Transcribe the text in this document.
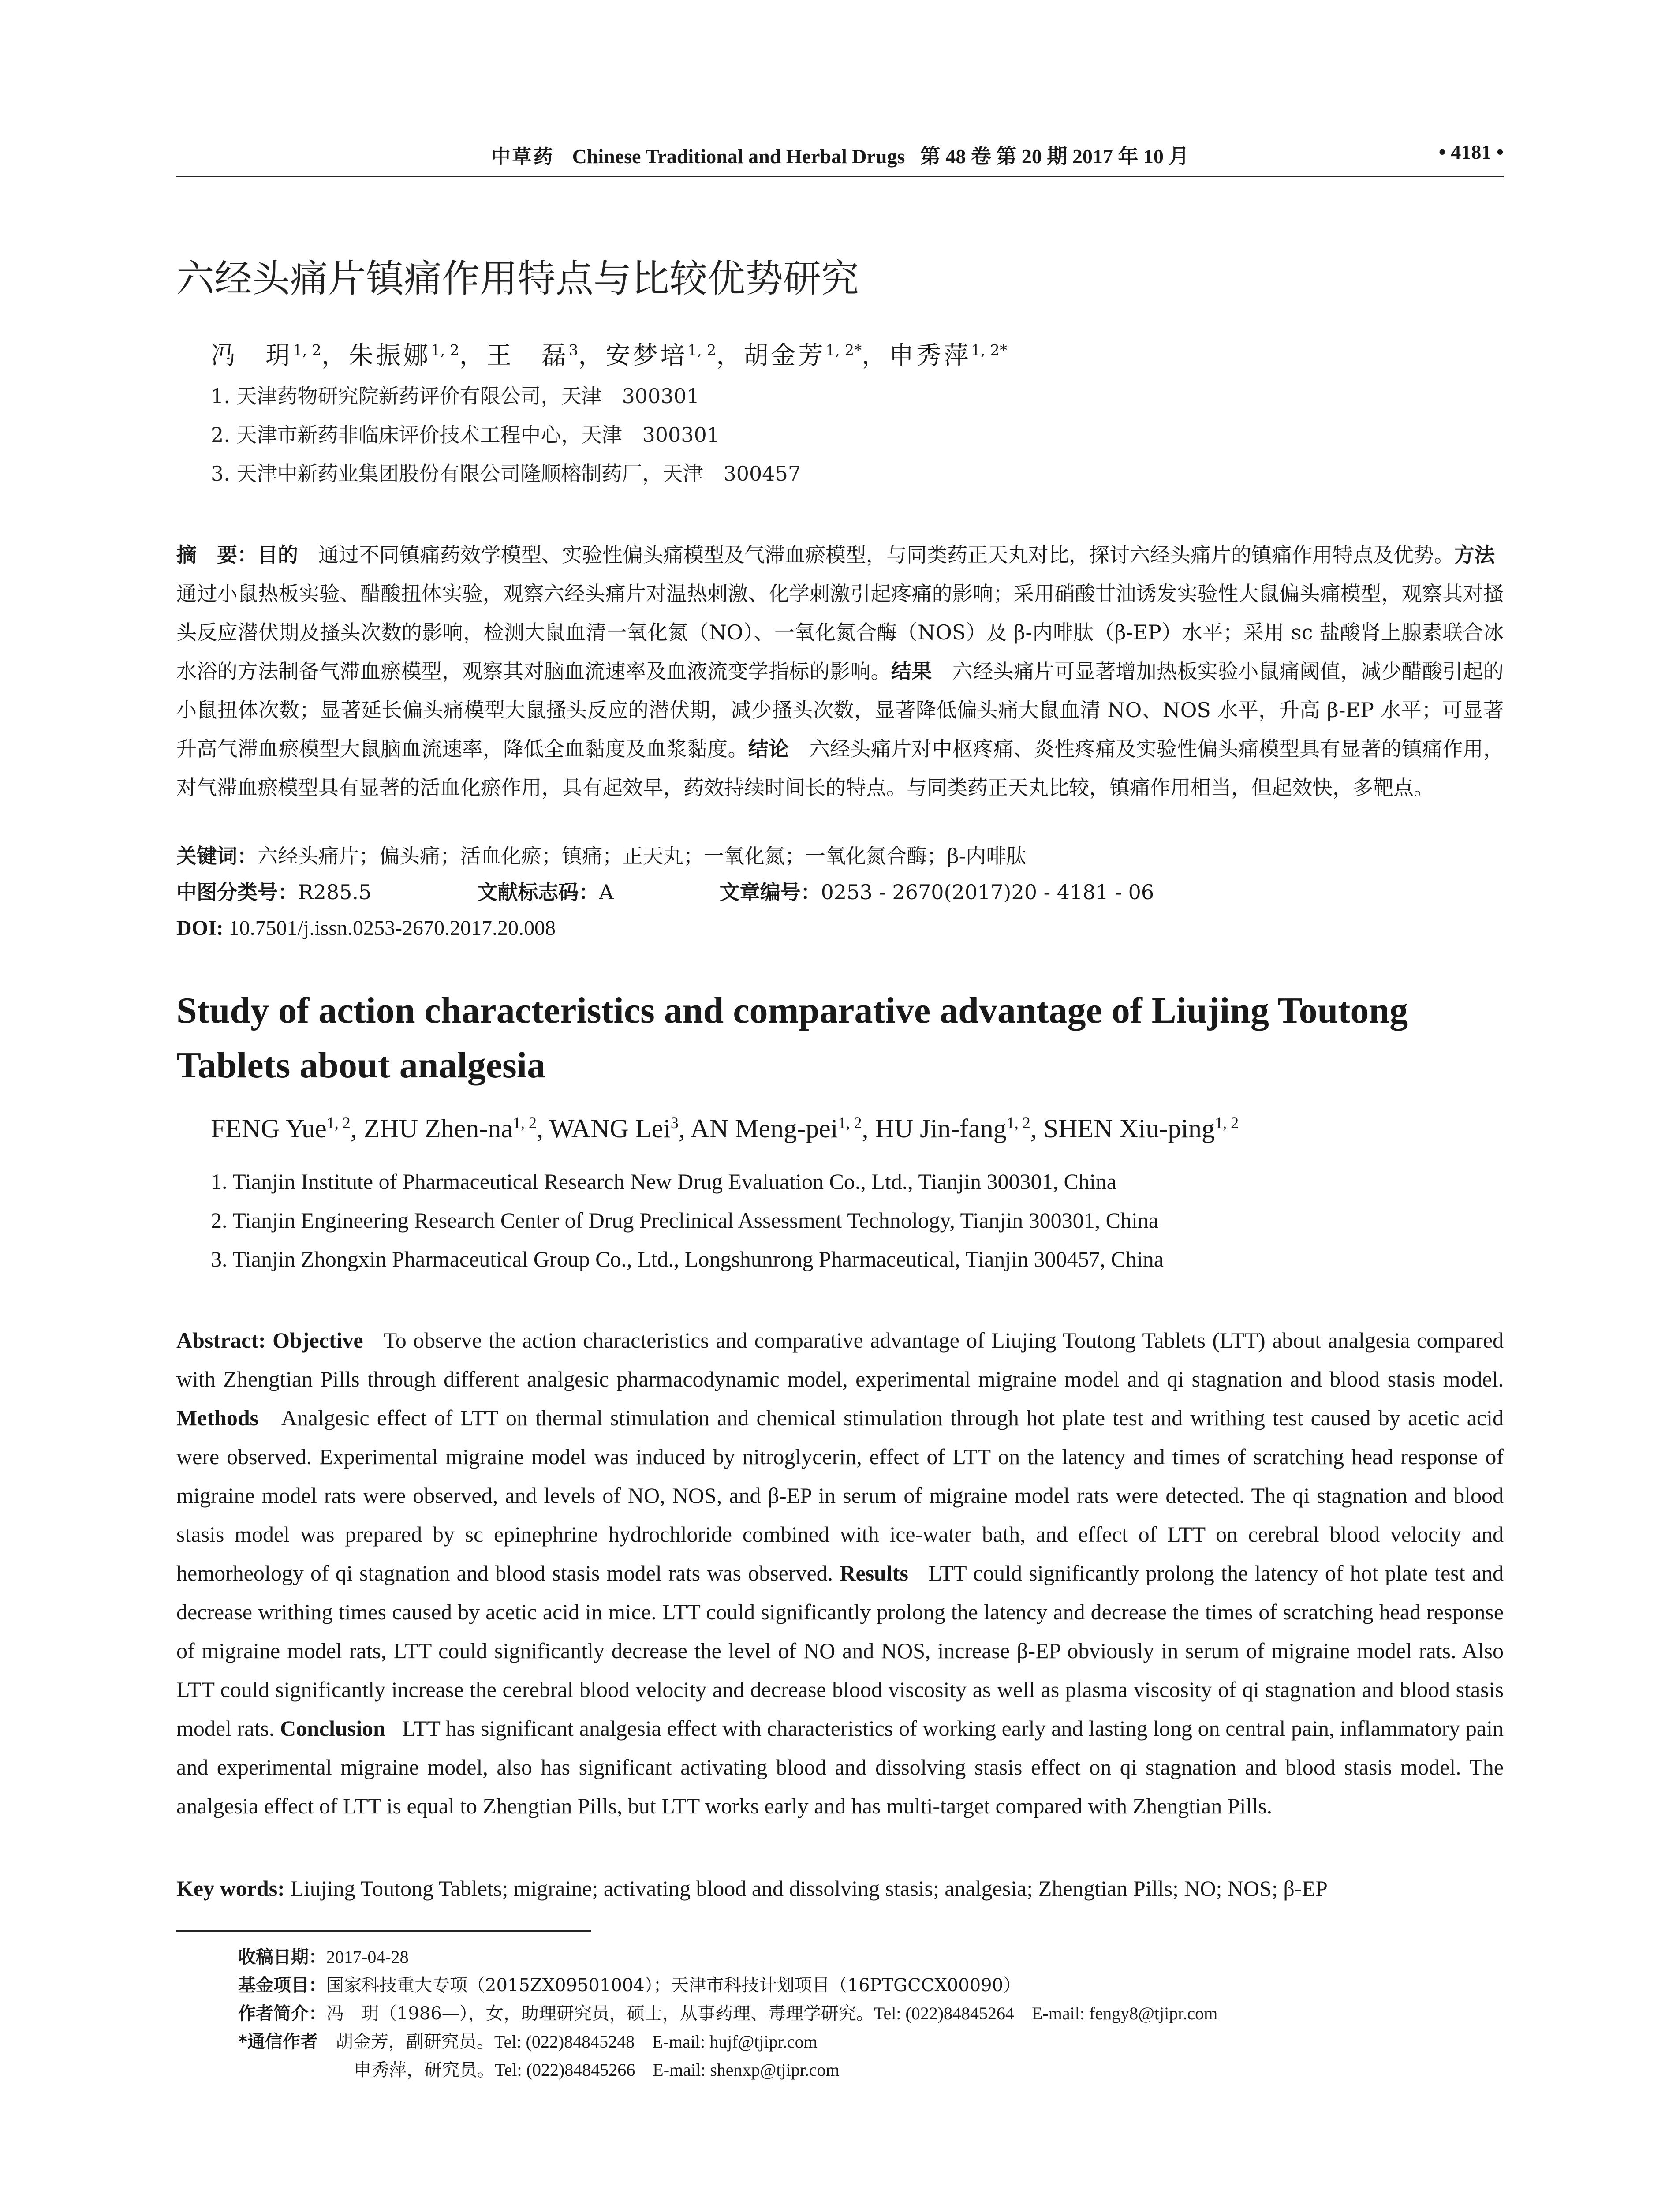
中草药 Chinese Traditional and Herbal Drugs 第 48 卷 第 20 期 2017 年 10 月	• 4181 •
六经头痛片镇痛作用特点与比较优势研究
冯　玥$^{1, 2}$，朱振娜$^{1, 2}$，王　磊$^3$，安梦培$^{1, 2}$，胡金芳$^{1, 2*}$，申秀萍$^{1, 2*}$
1. 天津药物研究院新药评价有限公司，天津　300301
2. 天津市新药非临床评价技术工程中心，天津　300301
3. 天津中新药业集团股份有限公司隆顺榕制药厂，天津　300457
摘　要：目的　通过不同镇痛药效学模型、实验性偏头痛模型及气滞血瘀模型，与同类药正天丸对比，探讨六经头痛片的镇痛作用特点及优势。方法　通过小鼠热板实验、醋酸扭体实验，观察六经头痛片对温热刺激、化学刺激引起疼痛的影响；采用硝酸甘油诱发实验性大鼠偏头痛模型，观察其对搔头反应潜伏期及搔头次数的影响，检测大鼠血清一氧化氮（NO）、一氧化氮合酶（NOS）及 β-内啡肽（β-EP）水平；采用 sc 盐酸肾上腺素联合冰水浴的方法制备气滞血瘀模型，观察其对脑血流速率及血液流变学指标的影响。结果　六经头痛片可显著增加热板实验小鼠痛阈值，减少醋酸引起的小鼠扭体次数；显著延长偏头痛模型大鼠搔头反应的潜伏期，减少搔头次数，显著降低偏头痛大鼠血清 NO、NOS 水平，升高 β-EP 水平；可显著升高气滞血瘀模型大鼠脑血流速率，降低全血黏度及血浆黏度。结论　六经头痛片对中枢疼痛、炎性疼痛及实验性偏头痛模型具有显著的镇痛作用，对气滞血瘀模型具有显著的活血化瘀作用，具有起效早，药效持续时间长的特点。与同类药正天丸比较，镇痛作用相当，但起效快，多靶点。
关键词：六经头痛片；偏头痛；活血化瘀；镇痛；正天丸；一氧化氮；一氧化氮合酶；β-内啡肽
中图分类号：R285.5	文献标志码：A	文章编号：0253 - 2670(2017)20 - 4181 - 06
DOI: 10.7501/j.issn.0253-2670.2017.20.008
Study of action characteristics and comparative advantage of Liujing Toutong Tablets about analgesia
FENG Yue$^{1, 2}$, ZHU Zhen-na$^{1, 2}$, WANG Lei$^3$, AN Meng-pei$^{1, 2}$, HU Jin-fang$^{1, 2}$, SHEN Xiu-ping$^{1, 2}$
1. Tianjin Institute of Pharmaceutical Research New Drug Evaluation Co., Ltd., Tianjin 300301, China
2. Tianjin Engineering Research Center of Drug Preclinical Assessment Technology, Tianjin 300301, China
3. Tianjin Zhongxin Pharmaceutical Group Co., Ltd., Longshunrong Pharmaceutical, Tianjin 300457, China
Abstract: Objective To observe the action characteristics and comparative advantage of Liujing Toutong Tablets (LTT) about analgesia compared with Zhengtian Pills through different analgesic pharmacodynamic model, experimental migraine model and qi stagnation and blood stasis model. Methods Analgesic effect of LTT on thermal stimulation and chemical stimulation through hot plate test and writhing test caused by acetic acid were observed. Experimental migraine model was induced by nitroglycerin, effect of LTT on the latency and times of scratching head response of migraine model rats were observed, and levels of NO, NOS, and β-EP in serum of migraine model rats were detected. The qi stagnation and blood stasis model was prepared by sc epinephrine hydrochloride combined with ice-water bath, and effect of LTT on cerebral blood velocity and hemorheology of qi stagnation and blood stasis model rats was observed. Results LTT could significantly prolong the latency of hot plate test and decrease writhing times caused by acetic acid in mice. LTT could significantly prolong the latency and decrease the times of scratching head response of migraine model rats, LTT could significantly decrease the level of NO and NOS, increase β-EP obviously in serum of migraine model rats. Also LTT could significantly increase the cerebral blood velocity and decrease blood viscosity as well as plasma viscosity of qi stagnation and blood stasis model rats. Conclusion LTT has significant analgesia effect with characteristics of working early and lasting long on central pain, inflammatory pain and experimental migraine model, also has significant activating blood and dissolving stasis effect on qi stagnation and blood stasis model. The analgesia effect of LTT is equal to Zhengtian Pills, but LTT works early and has multi-target compared with Zhengtian Pills.
Key words: Liujing Toutong Tablets; migraine; activating blood and dissolving stasis; analgesia; Zhengtian Pills; NO; NOS; β-EP
收稿日期：2017-04-28
基金项目：国家科技重大专项（2015ZX09501004）；天津市科技计划项目（16PTGCCX00090）
作者简介：冯　玥（1986—），女，助理研究员，硕士，从事药理、毒理学研究。Tel: (022)84845264　E-mail: fengy8@tjipr.com
*通信作者　胡金芳，副研究员。Tel: (022)84845248　E-mail: hujf@tjipr.com
申秀萍，研究员。Tel: (022)84845266　E-mail: shenxp@tjipr.com
